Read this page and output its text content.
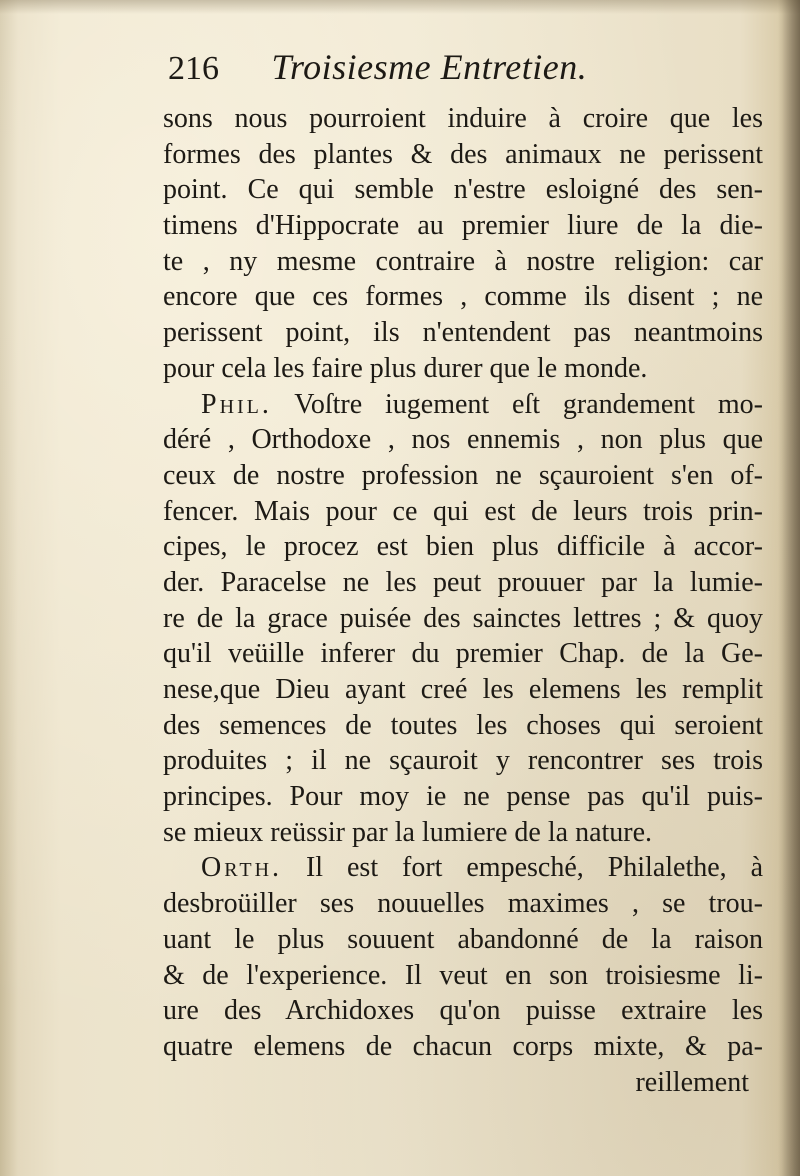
216 Troisiesme Entretien.
sons nous pourroient induire à croire que les
formes des plantes & des animaux ne perissent
point. Ce qui semble n'estre esloigné des sen-
timens d'Hippocrate au premier liure de la die-
te , ny mesme contraire à nostre religion: car
encore que ces formes , comme ils disent ; ne
perissent point, ils n'entendent pas neantmoins
pour cela les faire plus durer que le monde.
Phil. Voſtre iugement eſt grandement mo-
déré , Orthodoxe , nos ennemis , non plus que
ceux de nostre profession ne sçauroient s'en of-
fencer. Mais pour ce qui est de leurs trois prin-
cipes, le procez est bien plus difficile à accor-
der. Paracelse ne les peut prouuer par la lumie-
re de la grace puisée des sainctes lettres ; & quoy
qu'il veüille inferer du premier Chap. de la Ge-
nese,que Dieu ayant creé les elemens les remplit
des semences de toutes les choses qui seroient
produites ; il ne sçauroit y rencontrer ses trois
principes. Pour moy ie ne pense pas qu'il puis-
se mieux reüssir par la lumiere de la nature.
Orth. Il est fort empesché, Philalethe, à
desbroüiller ses nouuelles maximes , se trou-
uant le plus souuent abandonné de la raison
& de l'experience. Il veut en son troisiesme li-
ure des Archidoxes qu'on puisse extraire les
quatre elemens de chacun corps mixte, & pa-
reillement
